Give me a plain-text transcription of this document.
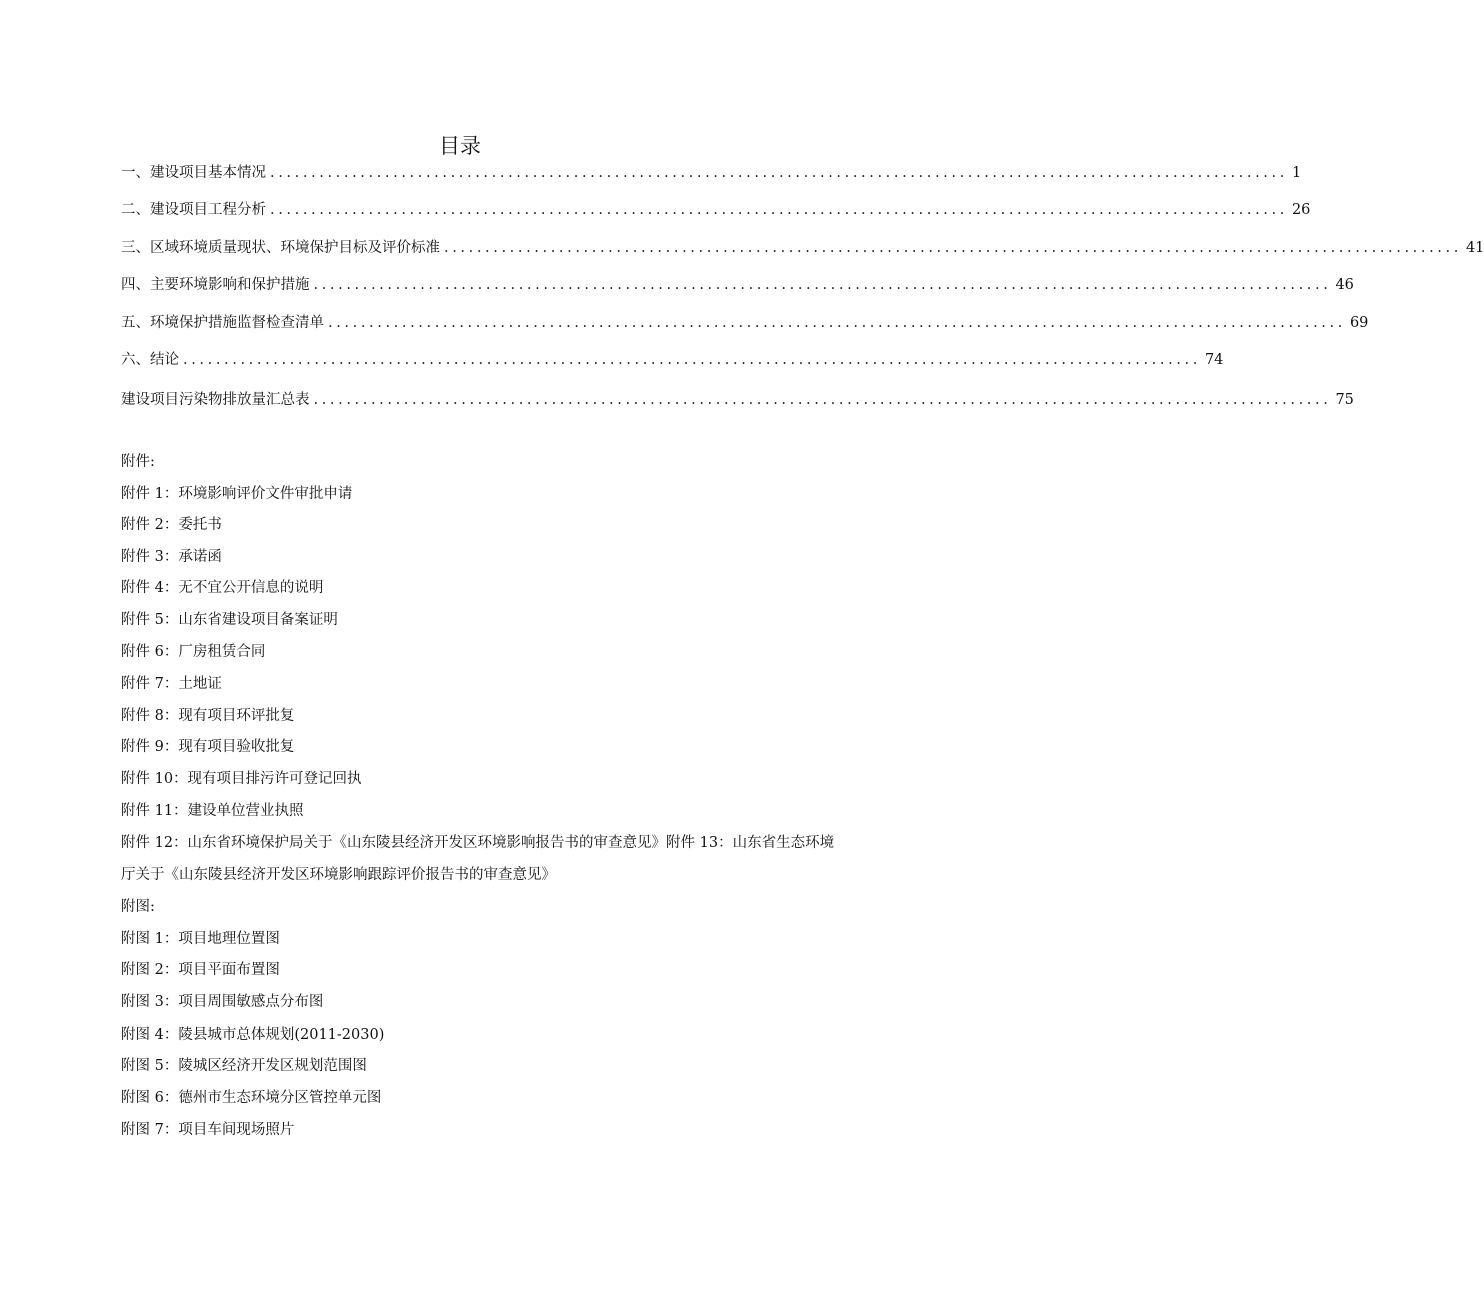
目录
一、建设项目基本情况 ............................................................................................................................ 1
二、建设项目工程分析 ............................................................................................................................ 26
三、区域环境质量现状、环境保护目标及评价标准 ............................................................................................................................ 41
四、主要环境影响和保护措施 ............................................................................................................................ 46
五、环境保护措施监督检查清单 ............................................................................................................................ 69
六、结论 ............................................................................................................................ 74
建设项目污染物排放量汇总表 ............................................................................................................................ 75
附件:
附件 1：环境影响评价文件审批申请
附件 2：委托书
附件 3：承诺函
附件 4：无不宜公开信息的说明
附件 5：山东省建设项目备案证明
附件 6：厂房租赁合同
附件 7：土地证
附件 8：现有项目环评批复
附件 9：现有项目验收批复
附件 10：现有项目排污许可登记回执
附件 11：建设单位营业执照
附件 12：山东省环境保护局关于《山东陵县经济开发区环境影响报告书的审查意见》附件 13：山东省生态环境厅关于《山东陵县经济开发区环境影响跟踪评价报告书的审查意见》
附图:
附图 1：项目地理位置图
附图 2：项目平面布置图
附图 3：项目周围敏感点分布图
附图 4：陵县城市总体规划(2011-2030)
附图 5：陵城区经济开发区规划范围图
附图 6：德州市生态环境分区管控单元图
附图 7：项目车间现场照片
